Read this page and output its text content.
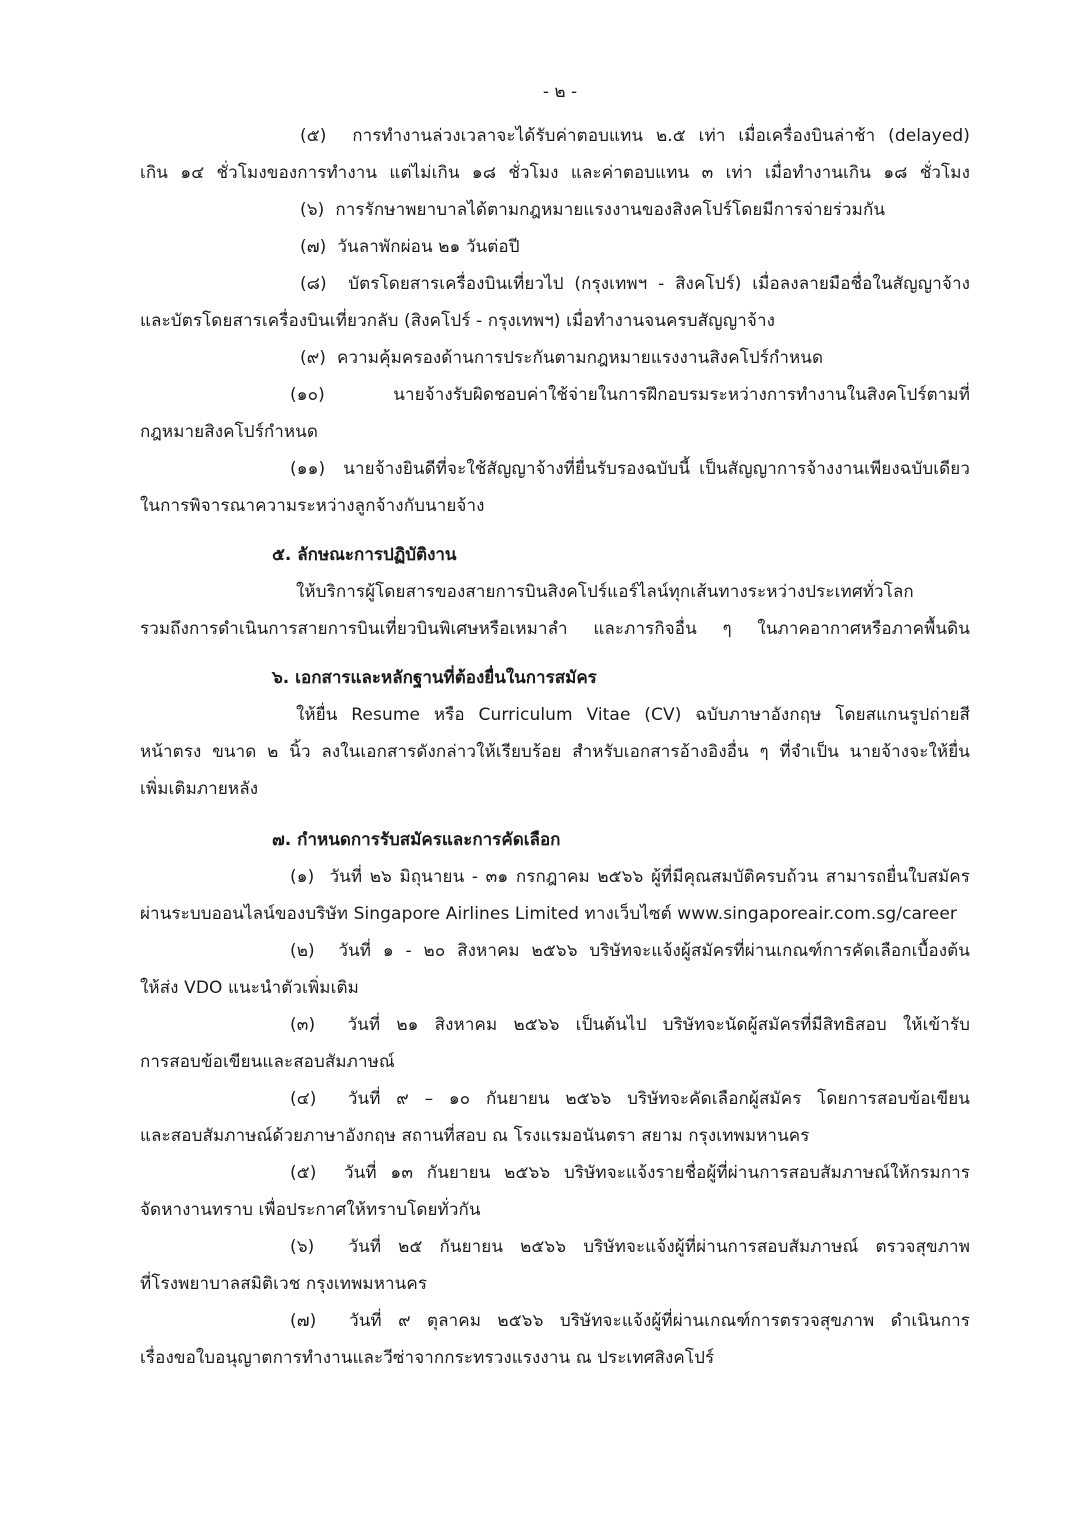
- ๒ -
(๕) การทำงานล่วงเวลาจะได้รับค่าตอบแทน ๒.๕ เท่า เมื่อเครื่องบินล่าช้า (delayed)
เกิน ๑๔ ชั่วโมงของการทำงาน แต่ไม่เกิน ๑๘ ชั่วโมง และค่าตอบแทน ๓ เท่า เมื่อทำงานเกิน ๑๘ ชั่วโมง
(๖) การรักษาพยาบาลได้ตามกฎหมายแรงงานของสิงคโปร์โดยมีการจ่ายร่วมกัน
(๗) วันลาพักผ่อน ๒๑ วันต่อปี
(๘) บัตรโดยสารเครื่องบินเที่ยวไป (กรุงเทพฯ - สิงคโปร์) เมื่อลงลายมือชื่อในสัญญาจ้าง
และบัตรโดยสารเครื่องบินเที่ยวกลับ (สิงคโปร์ - กรุงเทพฯ) เมื่อทำงานจนครบสัญญาจ้าง
(๙) ความคุ้มครองด้านการประกันตามกฎหมายแรงงานสิงคโปร์กำหนด
(๑๐)	นายจ้างรับผิดชอบค่าใช้จ่ายในการฝึกอบรมระหว่างการทำงานในสิงคโปร์ตามที่
กฎหมายสิงคโปร์กำหนด
(๑๑) นายจ้างยินดีที่จะใช้สัญญาจ้างที่ยื่นรับรองฉบับนี้ เป็นสัญญาการจ้างงานเพียงฉบับเดียว
ในการพิจารณาความระหว่างลูกจ้างกับนายจ้าง
๕. ลักษณะการปฏิบัติงาน
ให้บริการผู้โดยสารของสายการบินสิงคโปร์แอร์ไลน์ทุกเส้นทางระหว่างประเทศทั่วโลก
รวมถึงการดำเนินการสายการบินเที่ยวบินพิเศษหรือเหมาลำ และภารกิจอื่น ๆ ในภาคอากาศหรือภาคพื้นดิน
๖. เอกสารและหลักฐานที่ต้องยื่นในการสมัคร
ให้ยื่น Resume หรือ Curriculum Vitae (CV) ฉบับภาษาอังกฤษ โดยสแกนรูปถ่ายสี
หน้าตรง ขนาด ๒ นิ้ว ลงในเอกสารดังกล่าวให้เรียบร้อย สำหรับเอกสารอ้างอิงอื่น ๆ ที่จำเป็น นายจ้างจะให้ยื่น
เพิ่มเติมภายหลัง
๗. กำหนดการรับสมัครและการคัดเลือก
(๑) วันที่ ๒๖ มิถุนายน - ๓๑ กรกฎาคม ๒๕๖๖ ผู้ที่มีคุณสมบัติครบถ้วน สามารถยื่นใบสมัคร
ผ่านระบบออนไลน์ของบริษัท Singapore Airlines Limited ทางเว็บไซต์ www.singaporeair.com.sg/career
(๒) วันที่ ๑ - ๒๐ สิงหาคม ๒๕๖๖ บริษัทจะแจ้งผู้สมัครที่ผ่านเกณฑ์การคัดเลือกเบื้องต้น
ให้ส่ง VDO แนะนำตัวเพิ่มเติม
(๓) วันที่ ๒๑ สิงหาคม ๒๕๖๖ เป็นต้นไป บริษัทจะนัดผู้สมัครที่มีสิทธิสอบ ให้เข้ารับ
การสอบข้อเขียนและสอบสัมภาษณ์
(๔) วันที่ ๙ – ๑๐ กันยายน ๒๕๖๖ บริษัทจะคัดเลือกผู้สมัคร โดยการสอบข้อเขียน
และสอบสัมภาษณ์ด้วยภาษาอังกฤษ สถานที่สอบ ณ โรงแรมอนันตรา สยาม กรุงเทพมหานคร
(๕) วันที่ ๑๓ กันยายน ๒๕๖๖ บริษัทจะแจ้งรายชื่อผู้ที่ผ่านการสอบสัมภาษณ์ให้กรมการ
จัดหางานทราบ เพื่อประกาศให้ทราบโดยทั่วกัน
(๖) วันที่ ๒๕ กันยายน ๒๕๖๖ บริษัทจะแจ้งผู้ที่ผ่านการสอบสัมภาษณ์ ตรวจสุขภาพ
ที่โรงพยาบาลสมิติเวช กรุงเทพมหานคร
(๗) วันที่ ๙ ตุลาคม ๒๕๖๖ บริษัทจะแจ้งผู้ที่ผ่านเกณฑ์การตรวจสุขภาพ ดำเนินการ
เรื่องขอใบอนุญาตการทำงานและวีซ่าจากกระทรวงแรงงาน ณ ประเทศสิงคโปร์
